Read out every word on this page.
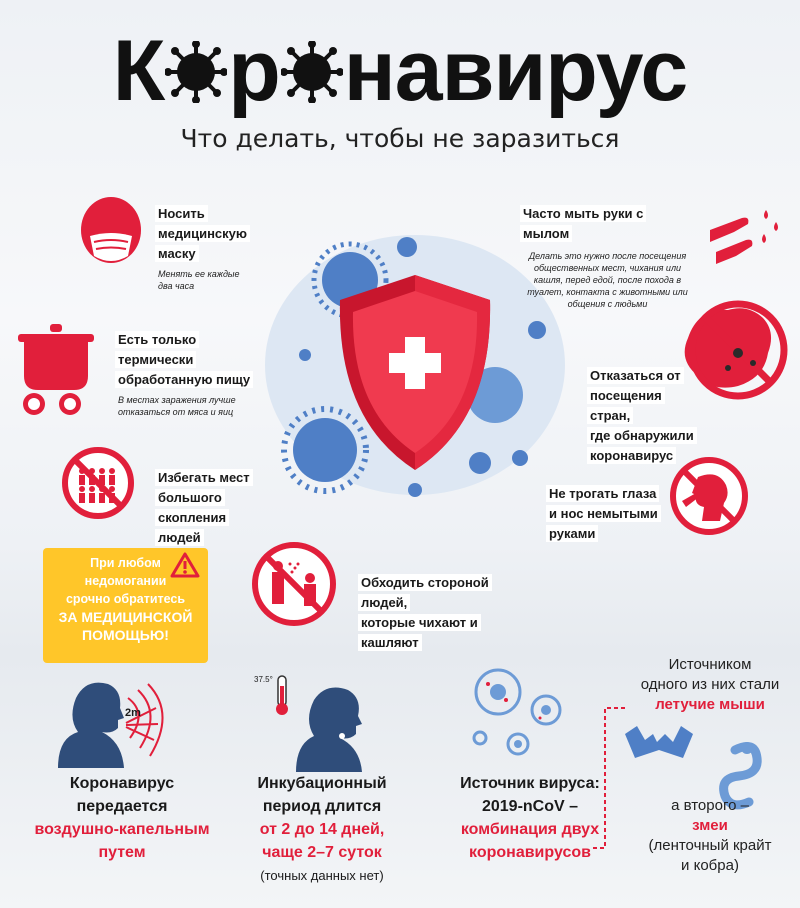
К р навирус
Что делать, чтобы не заразиться
Носить
медицинскую
маску
Менять ее каждые два часа
Есть только
термически
обработанную пищу
В местах заражения лучше отказаться от мяса и яиц
Избегать мест
большого
скопления людей
Часто мыть руки с мылом
Делать это нужно после посещения общественных мест, чихания или кашля, перед едой, после похода в туалет, контакта с животными или общения с людьми
Отказаться от
посещения стран,
где обнаружили
коронавирус
Не трогать глаза
и нос немытыми
руками
Обходить стороной людей,
которые чихают и кашляют
При любом
недомогании
срочно обратитесь
ЗА МЕДИЦИНСКОЙ
ПОМОЩЬЮ!
2m
Коронавирус
передается
воздушно-капельным
путем
37.5°
Инкубационный
период длится
от 2 до 14 дней,
чаще 2–7 суток
(точных данных нет)
Источник вируса:
2019-nCoV –
комбинация двух
коронавирусов
Источником
одного из них стали
летучие мыши
а второго –
змеи
(ленточный крайт
и кобра)
